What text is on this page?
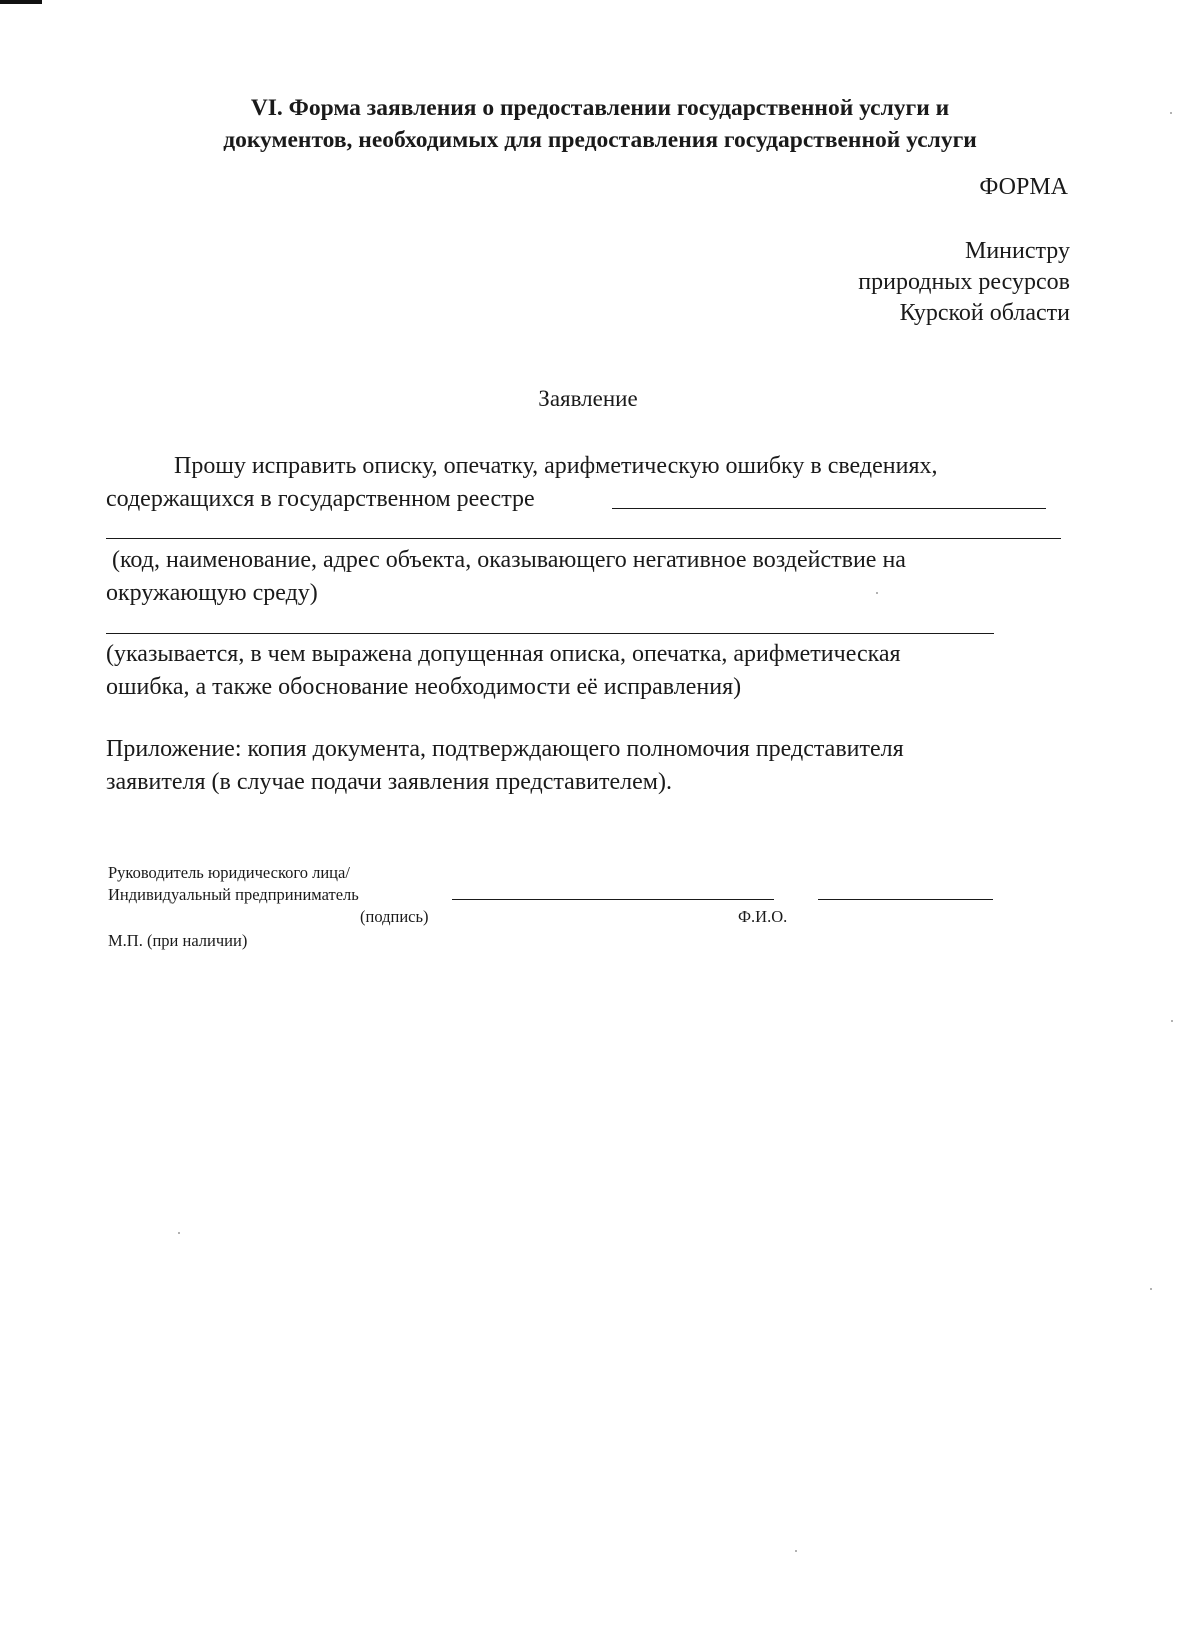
VI. Форма заявления о предоставлении государственной услуги и
документов, необходимых для предоставления государственной услуги
ФОРМА
Министру
природных ресурсов
Курской области
Заявление
Прошу исправить описку, опечатку, арифметическую ошибку в сведениях,
содержащихся в государственном реестре
(код, наименование, адрес объекта, оказывающего негативное воздействие на
окружающую среду)
(указывается, в чем выражена допущенная описка, опечатка, арифметическая
ошибка, а также обоснование необходимости её исправления)
Приложение: копия документа, подтверждающего полномочия представителя
заявителя (в случае подачи заявления представителем).
Руководитель юридического лица/
Индивидуальный предприниматель
(подпись)	Ф.И.О.
М.П. (при наличии)
